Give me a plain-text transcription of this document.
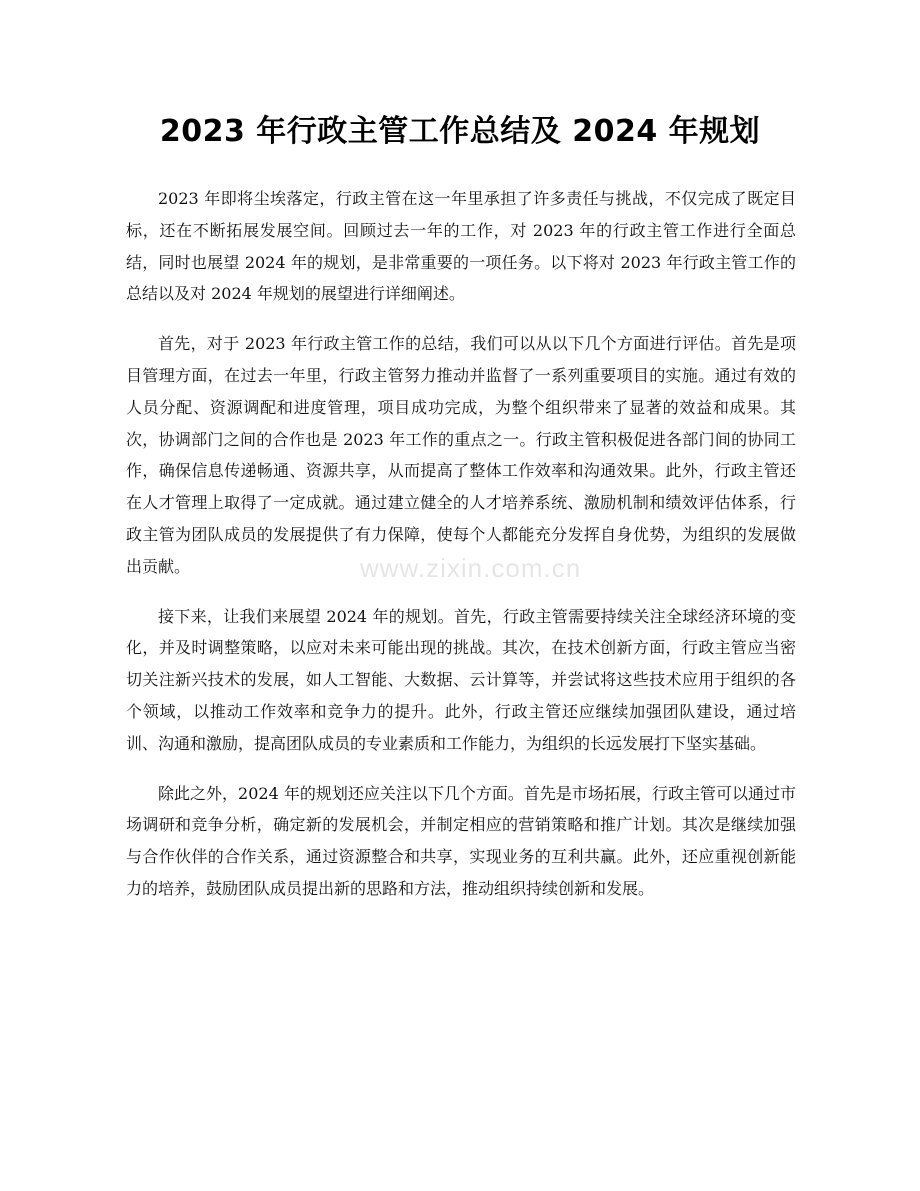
2023 年行政主管工作总结及 2024 年规划

2023 年即将尘埃落定，行政主管在这一年里承担了许多责任与挑战，不仅完成了既定目标，还在不断拓展发展空间。回顾过去一年的工作，对 2023 年的行政主管工作进行全面总结，同时也展望 2024 年的规划，是非常重要的一项任务。以下将对 2023 年行政主管工作的总结以及对 2024 年规划的展望进行详细阐述。

首先，对于 2023 年行政主管工作的总结，我们可以从以下几个方面进行评估。首先是项目管理方面，在过去一年里，行政主管努力推动并监督了一系列重要项目的实施。通过有效的人员分配、资源调配和进度管理，项目成功完成，为整个组织带来了显著的效益和成果。其次，协调部门之间的合作也是 2023 年工作的重点之一。行政主管积极促进各部门间的协同工作，确保信息传递畅通、资源共享，从而提高了整体工作效率和沟通效果。此外，行政主管还在人才管理上取得了一定成就。通过建立健全的人才培养系统、激励机制和绩效评估体系，行政主管为团队成员的发展提供了有力保障，使每个人都能充分发挥自身优势，为组织的发展做出贡献。

接下来，让我们来展望 2024 年的规划。首先，行政主管需要持续关注全球经济环境的变化，并及时调整策略，以应对未来可能出现的挑战。其次，在技术创新方面，行政主管应当密切关注新兴技术的发展，如人工智能、大数据、云计算等，并尝试将这些技术应用于组织的各个领域，以推动工作效率和竞争力的提升。此外，行政主管还应继续加强团队建设，通过培训、沟通和激励，提高团队成员的专业素质和工作能力，为组织的长远发展打下坚实基础。

除此之外，2024 年的规划还应关注以下几个方面。首先是市场拓展，行政主管可以通过市场调研和竞争分析，确定新的发展机会，并制定相应的营销策略和推广计划。其次是继续加强与合作伙伴的合作关系，通过资源整合和共享，实现业务的互利共赢。此外，还应重视创新能力的培养，鼓励团队成员提出新的思路和方法，推动组织持续创新和发展。

www.zixin.com.cn
